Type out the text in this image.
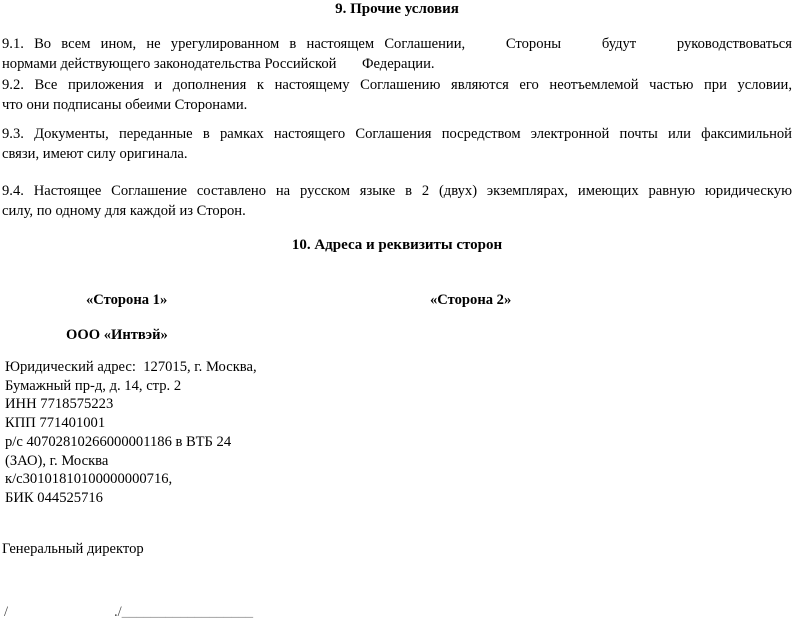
9. Прочие условия
9.1. Во всем ином, не урегулированном в настоящем Соглашении,    Стороны    будут    руководствоваться
нормами действующего законодательства Российской       Федерации.
9.2. Все приложения и дополнения к настоящему Соглашению являются его неотъемлемой частью при условии,
что они подписаны обеими Сторонами.
9.3. Документы, переданные в рамках настоящего Соглашения посредством электронной почты или факсимильной
связи, имеют силу оригинала.
9.4. Настоящее Соглашение составлено на русском языке в 2 (двух) экземплярах, имеющих равную юридическую
силу, по одному для каждой из Сторон.
10. Адреса и реквизиты сторон
«Сторона 1»	«Сторона 2»
ООО «Интвэй»
Юридический адрес:  127015, г. Москва,
Бумажный пр-д, д. 14, стр. 2
ИНН 7718575223
КПП 771401001
р/с 40702810266000001186 в ВТБ 24
(ЗАО), г. Москва
к/с30101810100000000716,
БИК 044525716
Генеральный директор
/	./__________________
